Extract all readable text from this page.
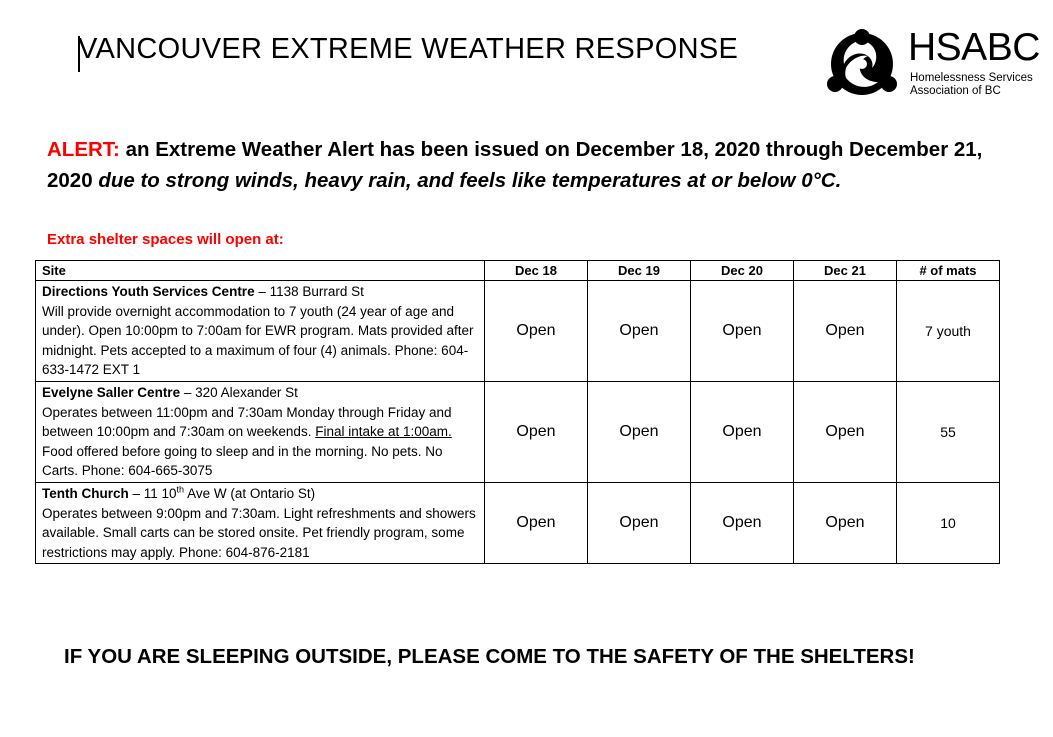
VANCOUVER EXTREME WEATHER RESPONSE	HSABC
Homelessness Services
Association of BC
ALERT: an Extreme Weather Alert has been issued on December 18, 2020 through December 21, 2020 due to strong winds, heavy rain, and feels like temperatures at or below 0°C.
Extra shelter spaces will open at:
Site	Dec 18	Dec 19	Dec 20	Dec 21	# of mats
Directions Youth Services Centre – 1138 Burrard St
Will provide overnight accommodation to 7 youth (24 year of age and under). Open 10:00pm to 7:00am for EWR program. Mats provided after midnight. Pets accepted to a maximum of four (4) animals. Phone: 604-633-1472 EXT 1	Open	Open	Open	Open	7 youth
Evelyne Saller Centre – 320 Alexander St
Operates between 11:00pm and 7:30am Monday through Friday and between 10:00pm and 7:30am on weekends. Final intake at 1:00am. Food offered before going to sleep and in the morning. No pets. No Carts. Phone: 604-665-3075	Open	Open	Open	Open	55
Tenth Church – 11 10th Ave W (at Ontario St)
Operates between 9:00pm and 7:30am. Light refreshments and showers available. Small carts can be stored onsite. Pet friendly program, some restrictions may apply. Phone: 604-876-2181	Open	Open	Open	Open	10
IF YOU ARE SLEEPING OUTSIDE, PLEASE COME TO THE SAFETY OF THE SHELTERS!
